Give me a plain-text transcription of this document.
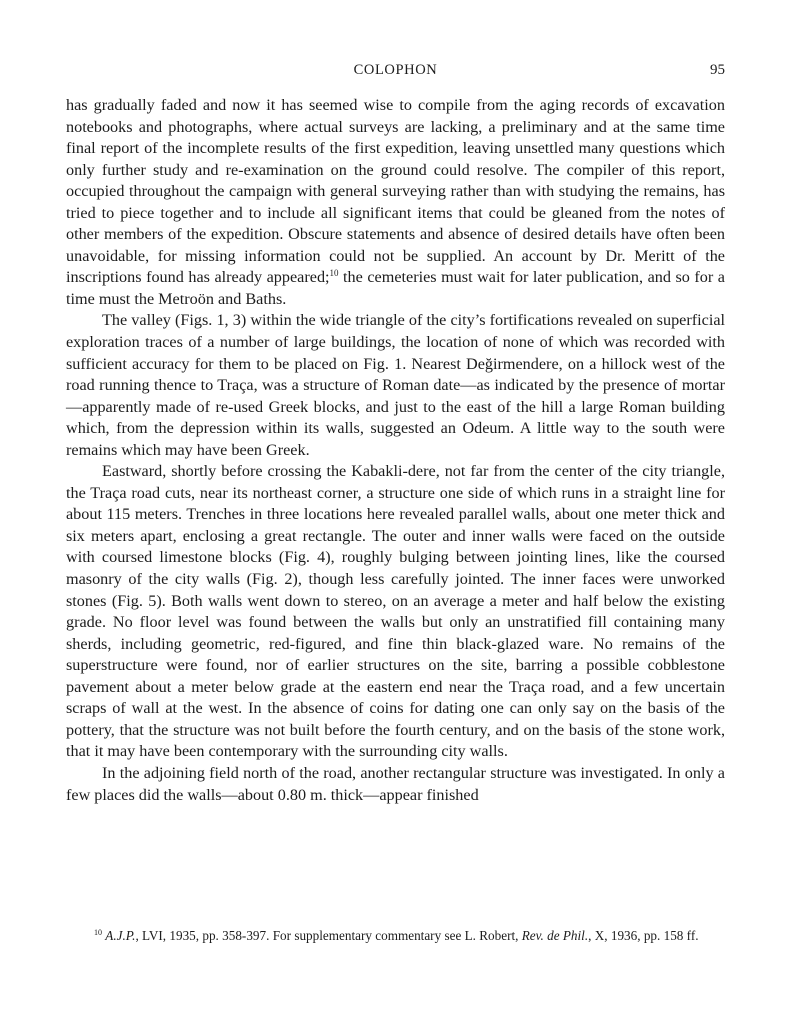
COLOPHON	95

has gradually faded and now it has seemed wise to compile from the aging records of excavation notebooks and photographs, where actual surveys are lacking, a preliminary and at the same time final report of the incomplete results of the first expedition, leaving unsettled many questions which only further study and re-examination on the ground could resolve. The compiler of this report, occupied throughout the campaign with general surveying rather than with studying the remains, has tried to piece together and to include all significant items that could be gleaned from the notes of other members of the expedition. Obscure statements and absence of desired details have often been unavoidable, for missing information could not be supplied. An account by Dr. Meritt of the inscriptions found has already appeared;$^{10}$ the cemeteries must wait for later publication, and so for a time must the Metroön and Baths.

The valley (Figs. 1, 3) within the wide triangle of the city’s fortifications revealed on superficial exploration traces of a number of large buildings, the location of none of which was recorded with sufficient accuracy for them to be placed on Fig. 1. Nearest Değirmendere, on a hillock west of the road running thence to Traça, was a structure of Roman date—as indicated by the presence of mortar—apparently made of re-used Greek blocks, and just to the east of the hill a large Roman building which, from the depression within its walls, suggested an Odeum. A little way to the south were remains which may have been Greek.

Eastward, shortly before crossing the Kabakli-dere, not far from the center of the city triangle, the Traça road cuts, near its northeast corner, a structure one side of which runs in a straight line for about 115 meters. Trenches in three locations here revealed parallel walls, about one meter thick and six meters apart, enclosing a great rectangle. The outer and inner walls were faced on the outside with coursed limestone blocks (Fig. 4), roughly bulging between jointing lines, like the coursed masonry of the city walls (Fig. 2), though less carefully jointed. The inner faces were unworked stones (Fig. 5). Both walls went down to stereo, on an average a meter and half below the existing grade. No floor level was found between the walls but only an unstratified fill containing many sherds, including geometric, red-figured, and fine thin black-glazed ware. No remains of the superstructure were found, nor of earlier structures on the site, barring a possible cobblestone pavement about a meter below grade at the eastern end near the Traça road, and a few uncertain scraps of wall at the west. In the absence of coins for dating one can only say on the basis of the pottery, that the structure was not built before the fourth century, and on the basis of the stone work, that it may have been contemporary with the surrounding city walls.

In the adjoining field north of the road, another rectangular structure was investigated. In only a few places did the walls—about 0.80 m. thick—appear finished

$^{10}$ A.J.P., LVI, 1935, pp. 358-397. For supplementary commentary see L. Robert, Rev. de Phil., X, 1936, pp. 158 ff.
